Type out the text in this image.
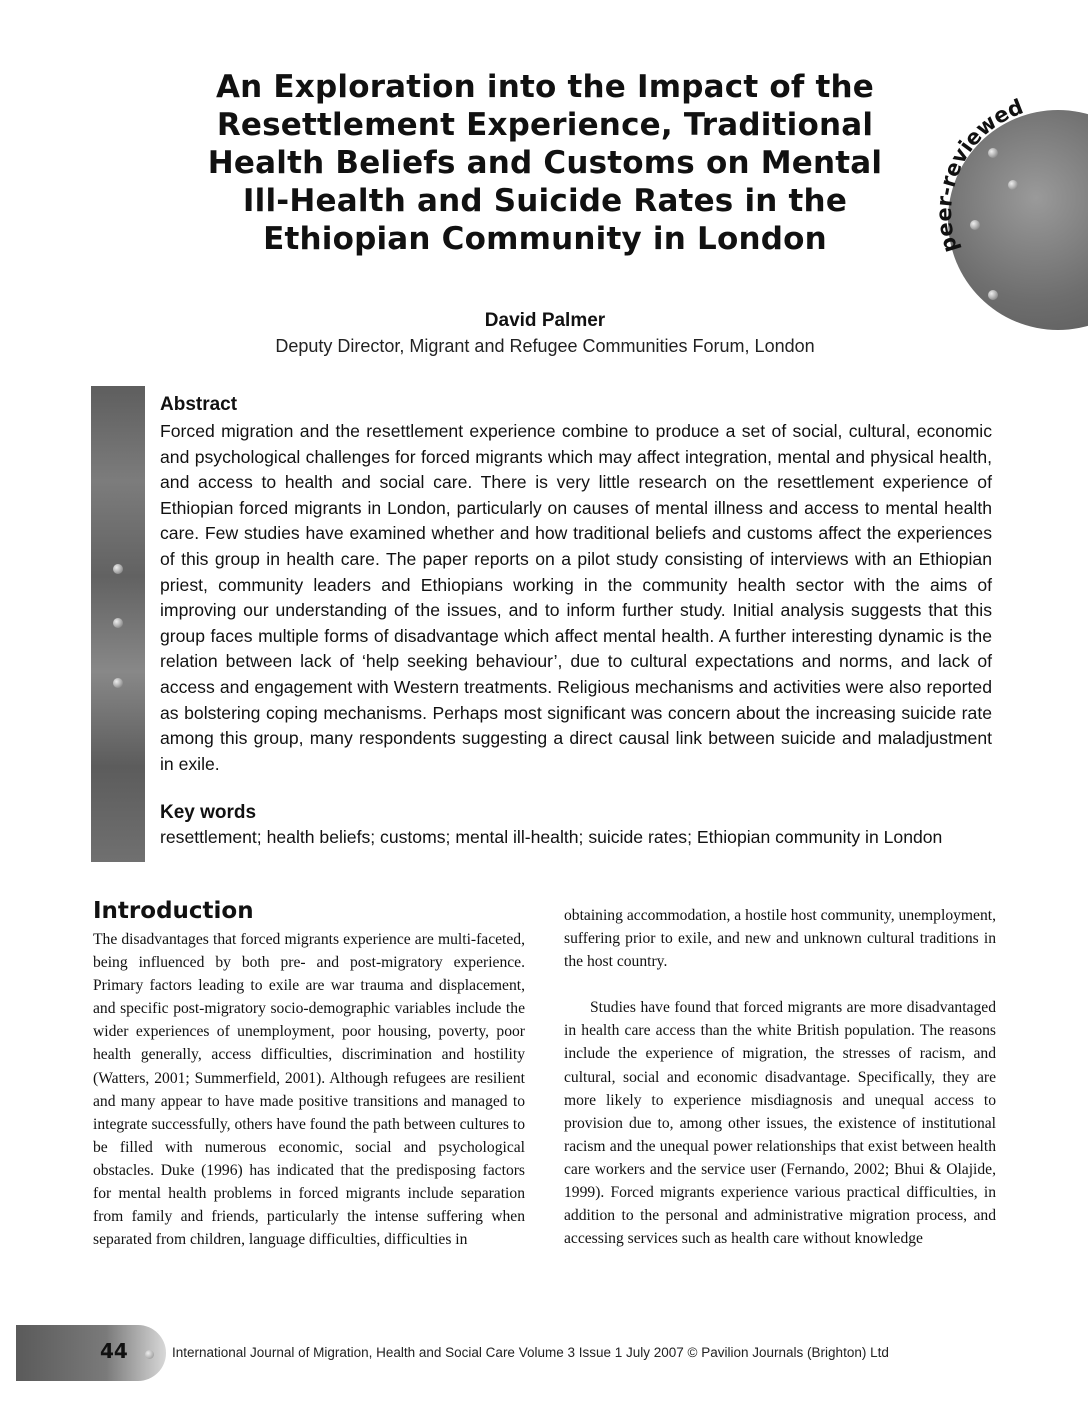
peer-reviewed
An Exploration into the Impact of the Resettlement Experience, Traditional Health Beliefs and Customs on Mental Ill-Health and Suicide Rates in the Ethiopian Community in London
David Palmer
Deputy Director, Migrant and Refugee Communities Forum, London
Abstract

Forced migration and the resettlement experience combine to produce a set of social, cultural, economic and psychological challenges for forced migrants which may affect integration, mental and physical health, and access to health and social care. There is very little research on the resettlement experience of Ethiopian forced migrants in London, particularly on causes of mental illness and access to mental health care. Few studies have examined whether and how traditional beliefs and customs affect the experiences of this group in health care. The paper reports on a pilot study consisting of interviews with an Ethiopian priest, community leaders and Ethiopians working in the community health sector with the aims of improving our understanding of the issues, and to inform further study. Initial analysis suggests that this group faces multiple forms of disadvantage which affect mental health. A further interesting dynamic is the relation between lack of ‘help seeking behaviour’, due to cultural expectations and norms, and lack of access and engagement with Western treatments. Religious mechanisms and activities were also reported as bolstering coping mechanisms. Perhaps most significant was concern about the increasing suicide rate among this group, many respondents suggesting a direct causal link between suicide and maladjustment in exile.

Key words

resettlement; health beliefs; customs; mental ill-health; suicide rates; Ethiopian community in London

Introduction

The disadvantages that forced migrants experience are multi-faceted, being influenced by both pre- and post-migratory experience. Primary factors leading to exile are war trauma and displacement, and specific post-migratory socio-demographic variables include the wider experiences of unemployment, poor housing, poverty, poor health generally, access difficulties, discrimination and hostility (Watters, 2001; Summerfield, 2001). Although refugees are resilient and many appear to have made positive transitions and managed to integrate successfully, others have found the path between cultures to be filled with numerous economic, social and psychological obstacles. Duke (1996) has indicated that the predisposing factors for mental health problems in forced migrants include separation from family and friends, particularly the intense suffering when separated from children, language difficulties, difficulties in

obtaining accommodation, a hostile host community, unemployment, suffering prior to exile, and new and unknown cultural traditions in the host country.

Studies have found that forced migrants are more disadvantaged in health care access than the white British population. The reasons include the experience of migration, the stresses of racism, and cultural, social and economic disadvantage. Specifically, they are more likely to experience misdiagnosis and unequal access to provision due to, among other issues, the existence of institutional racism and the unequal power relationships that exist between health care workers and the service user (Fernando, 2002; Bhui & Olajide, 1999). Forced migrants experience various practical difficulties, in addition to the personal and administrative migration process, and accessing services such as health care without knowledge

44	International Journal of Migration, Health and Social Care Volume 3 Issue 1 July 2007 © Pavilion Journals (Brighton) Ltd
